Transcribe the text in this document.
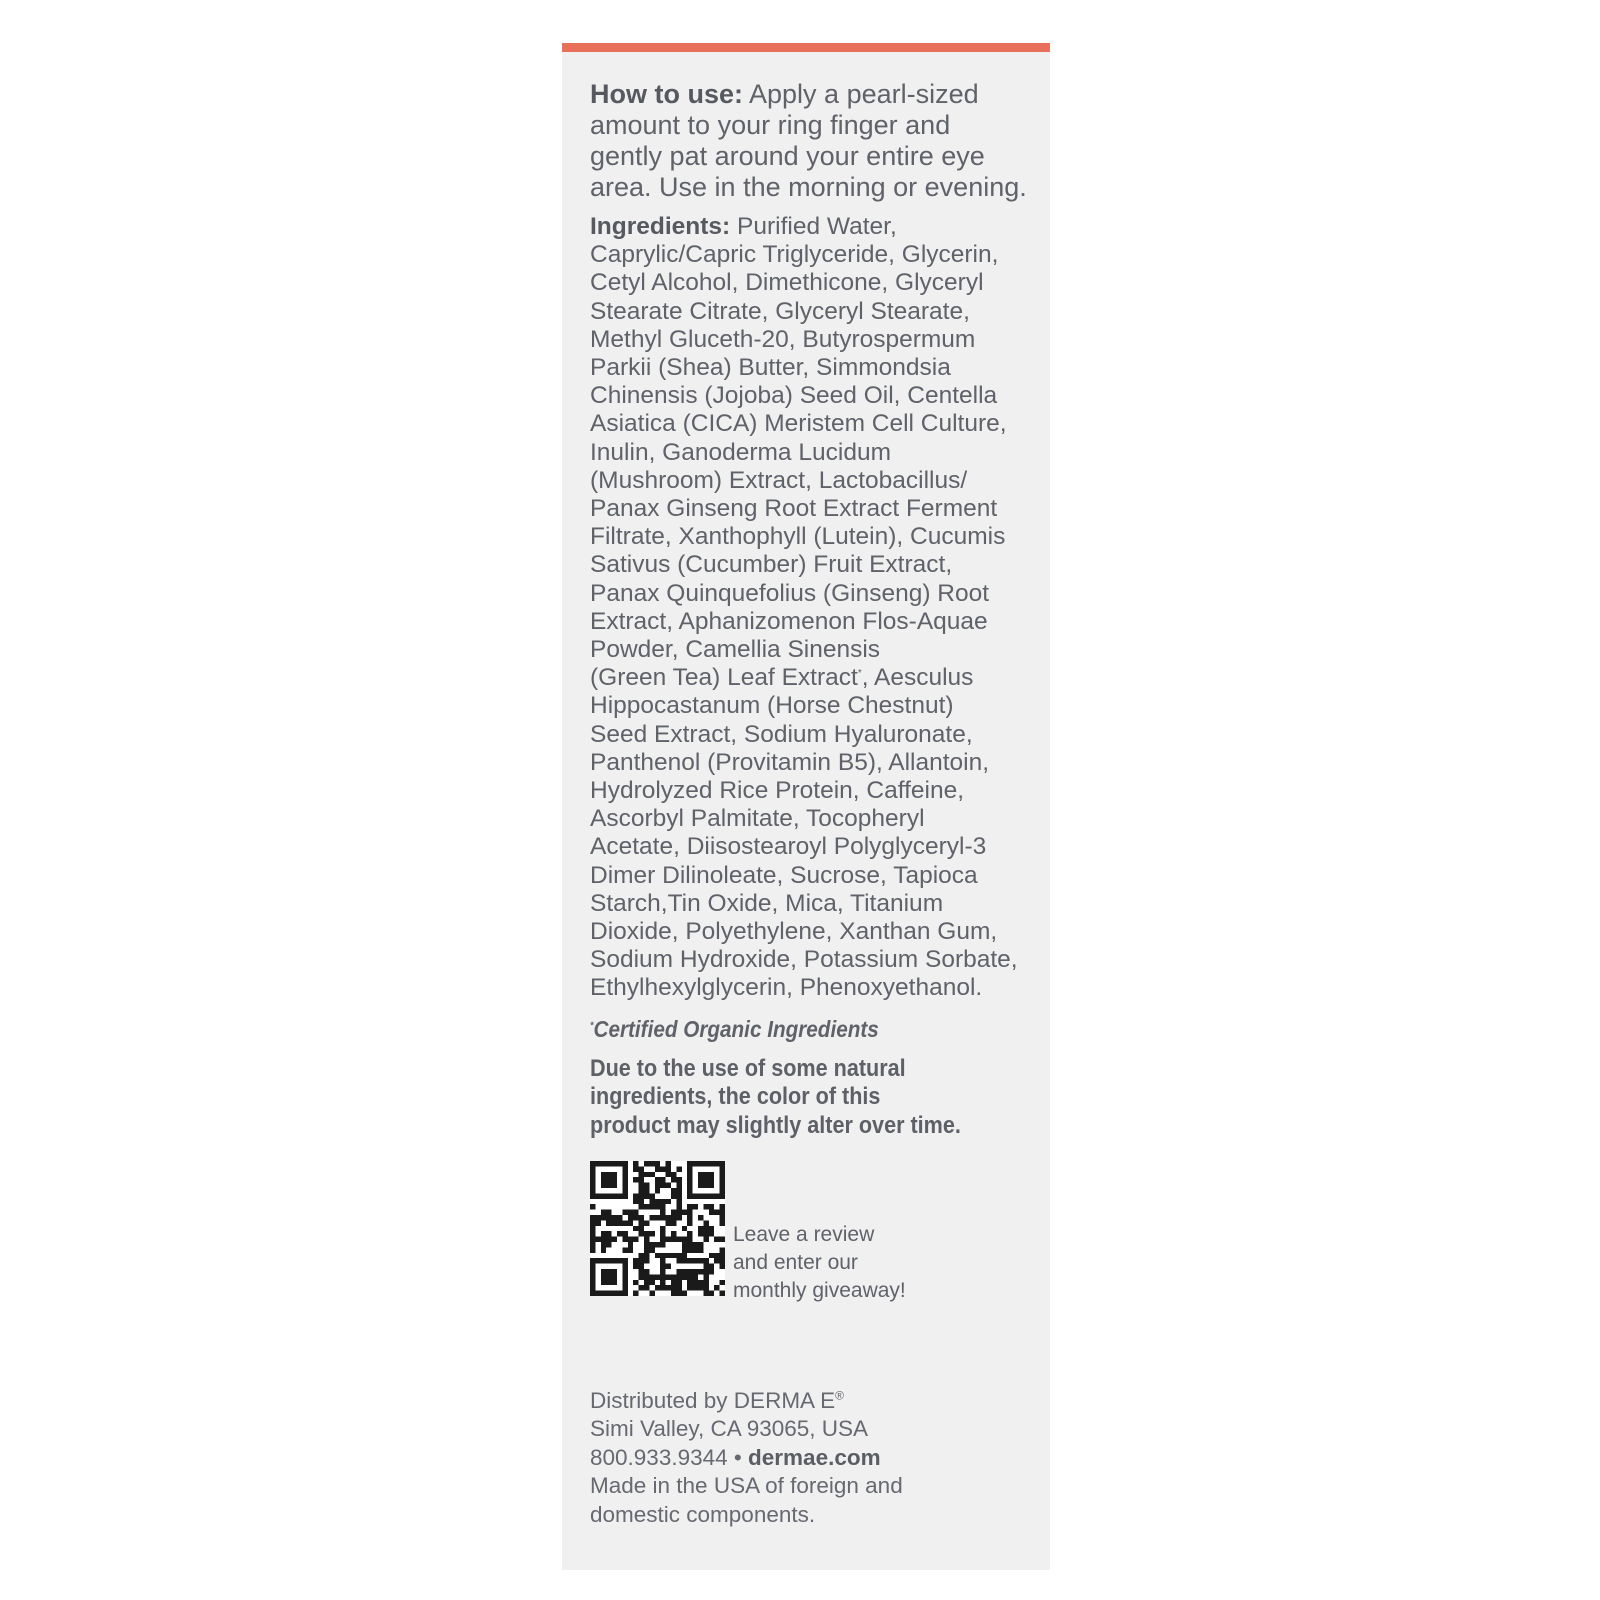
How to use: Apply a pearl-sized
amount to your ring finger and
gently pat around your entire eye
area. Use in the morning or evening.
Ingredients: Purified Water,
Caprylic/Capric Triglyceride, Glycerin,
Cetyl Alcohol, Dimethicone, Glyceryl
Stearate Citrate, Glyceryl Stearate,
Methyl Gluceth-20, Butyrospermum
Parkii (Shea) Butter, Simmondsia
Chinensis (Jojoba) Seed Oil, Centella
Asiatica (CICA) Meristem Cell Culture,
Inulin, Ganoderma Lucidum
(Mushroom) Extract, Lactobacillus/
Panax Ginseng Root Extract Ferment
Filtrate, Xanthophyll (Lutein), Cucumis
Sativus (Cucumber) Fruit Extract,
Panax Quinquefolius (Ginseng) Root
Extract, Aphanizomenon Flos-Aquae
Powder, Camellia Sinensis
(Green Tea) Leaf Extract*, Aesculus
Hippocastanum (Horse Chestnut)
Seed Extract, Sodium Hyaluronate,
Panthenol (Provitamin B5), Allantoin,
Hydrolyzed Rice Protein, Caffeine,
Ascorbyl Palmitate, Tocopheryl
Acetate, Diisostearoyl Polyglyceryl-3
Dimer Dilinoleate, Sucrose, Tapioca
Starch,Tin Oxide, Mica, Titanium
Dioxide, Polyethylene, Xanthan Gum,
Sodium Hydroxide, Potassium Sorbate,
Ethylhexylglycerin, Phenoxyethanol.
*Certified Organic Ingredients
Due to the use of some natural
ingredients, the color of this
product may slightly alter over time.
Leave a review
and enter our
monthly giveaway!
Distributed by DERMA E®
Simi Valley, CA 93065, USA
800.933.9344 • dermae.com
Made in the USA of foreign and
domestic components.
